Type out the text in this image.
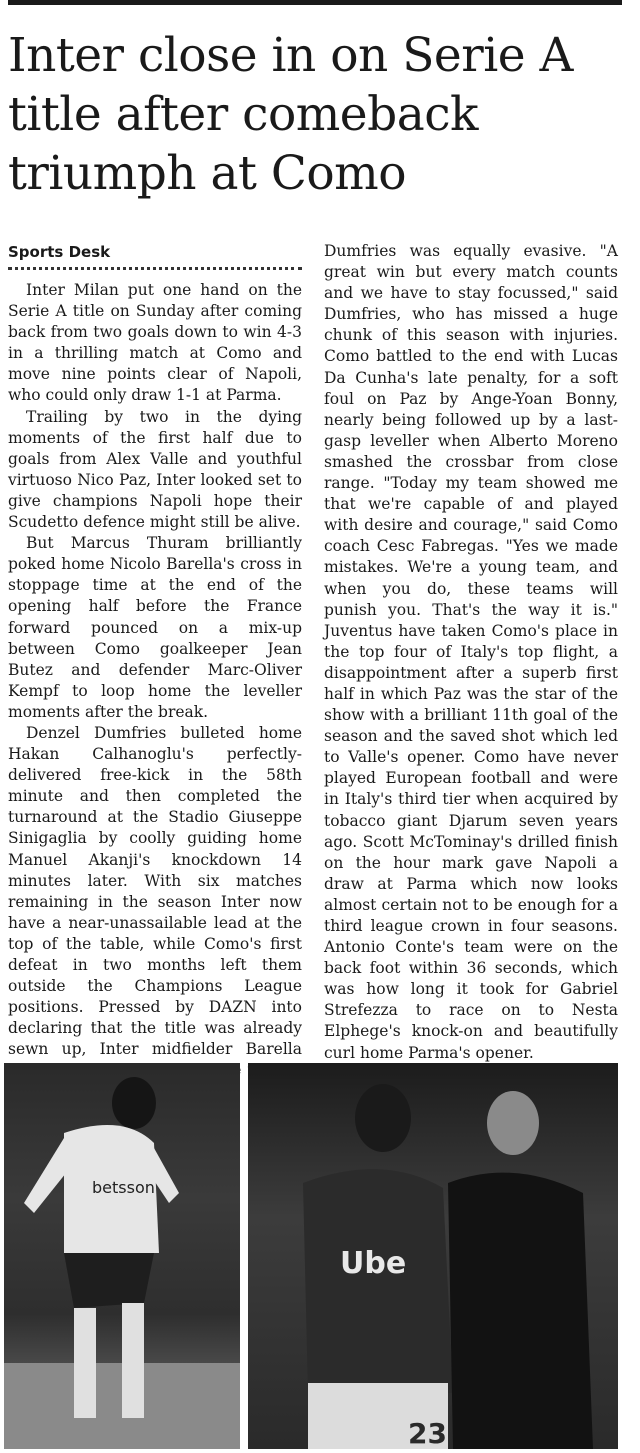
Inter close in on Serie A title after comeback triumph at Como
Sports Desk

Inter Milan put one hand on the Serie A title on Sunday after coming back from two goals down to win 4-3 in a thrilling match at Como and move nine points clear of Napoli, who could only draw 1-1 at Parma.

Trailing by two in the dying moments of the first half due to goals from Alex Valle and youthful virtuoso Nico Paz, Inter looked set to give champions Napoli hope their Scudetto defence might still be alive.

But Marcus Thuram brilliantly poked home Nicolo Barella's cross in stoppage time at the end of the opening half before the France forward pounced on a mix-up between Como goalkeeper Jean Butez and defender Marc-Oliver Kempf to loop home the leveller moments after the break.

Denzel Dumfries bulleted home Hakan Calhanoglu's perfectly-delivered free-kick in the 58th minute and then completed the turnaround at the Stadio Giuseppe Sinigaglia by coolly guiding home Manuel Akanji's knockdown 14 minutes later. With six matches remaining in the season Inter now have a near-unassailable lead at the top of the table, while Como's first defeat in two months left them outside the Champions League positions. Pressed by DAZN into declaring that the title was already sewn up, Inter midfielder Barella

Dumfries was equally evasive. "A great win but every match counts and we have to stay focussed," said Dumfries, who has missed a huge chunk of this season with injuries. Como battled to the end with Lucas Da Cunha's late penalty, for a soft foul on Paz by Ange-Yoan Bonny, nearly being followed up by a last-gasp leveller when Alberto Moreno smashed the crossbar from close range. "Today my team showed me that we're capable of and played with desire and courage," said Como coach Cesc Fabregas. "Yes we made mistakes. We're a young team, and when you do, these teams will punish you. That's the way it is." Juventus have taken Como's place in the top four of Italy's top flight, a disappointment after a superb first half in which Paz was the star of the show with a brilliant 11th goal of the season and the saved shot which led to Valle's opener. Como have never played European football and were in Italy's third tier when acquired by tobacco giant Djarum seven years ago. Scott McTominay's drilled finish on the hour mark gave Napoli a draw at Parma which now looks almost certain not to be enough for a third league crown in four seasons. Antonio Conte's team were on the back foot within 36 seconds, which was how long it took for Gabriel Strefezza to race on to Nesta Elphege's knock-on and beautifully curl home Parma's opener.

betsson
Ube
23
